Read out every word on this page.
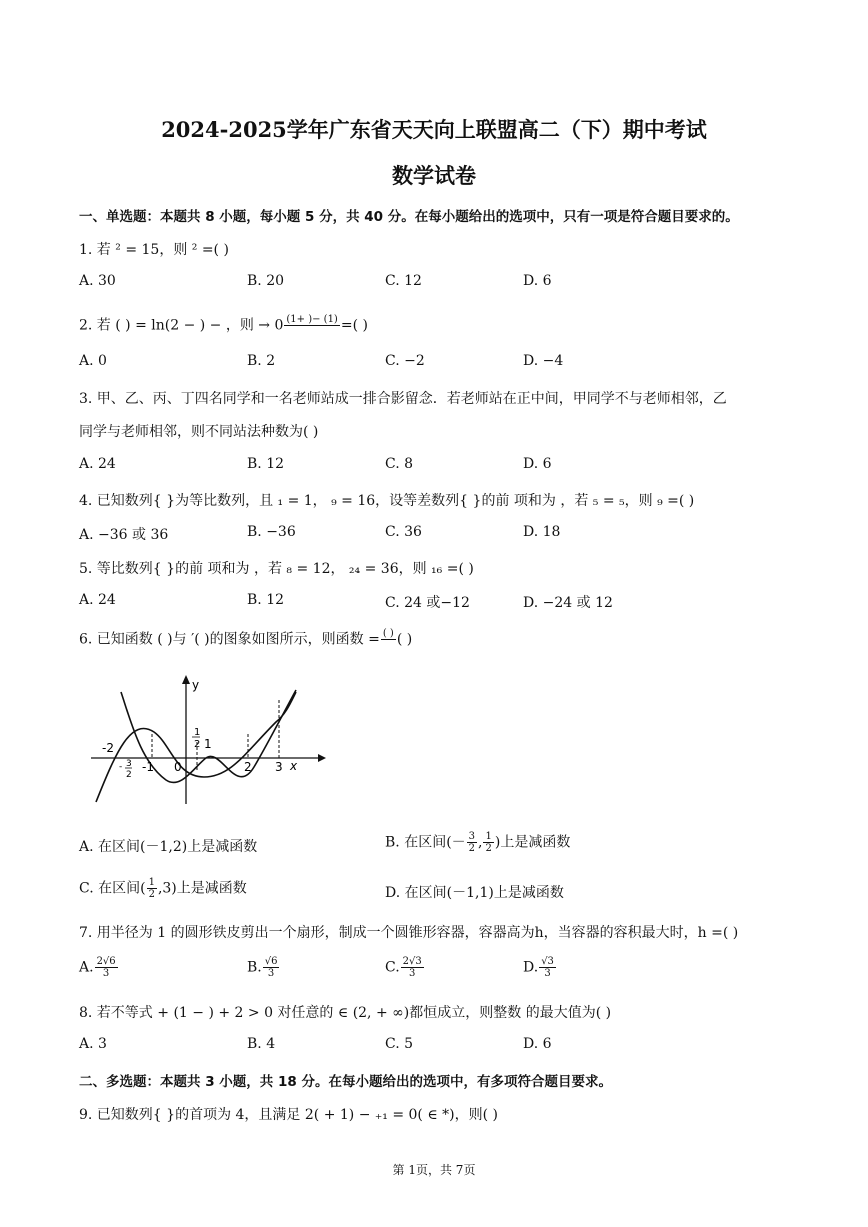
2024-2025学年广东省天天向上联盟高二（下）期中考试
数学试卷
一、单选题：本题共 8 小题，每小题 5 分，共 40 分。在每小题给出的选项中，只有一项是符合题目要求的。
1. 若 ² = 15，则 ² =( )
A. 30	B. 20	C. 12	D. 6
2. 若 ( ) = ln(2 − ) − ，则 → 0 (1+ )− (1)
=( )
A. 0	B. 2	C. −2	D. −4
3. 甲、乙、丙、丁四名同学和一名老师站成一排合影留念．若老师站在正中间，甲同学不与老师相邻，乙
同学与老师相邻，则不同站法种数为( )
A. 24	B. 12	C. 8	D. 6
4. 已知数列{ }为等比数列，且 ₁ = 1， ₉ = 16，设等差数列{ }的前 项和为 ，若 ₅ = ₅，则 ₉ =( )
A. −36 或 36	B. −36	C. 36	D. 18
5. 等比数列{ }的前 项和为 ，若 ₈ = 12， ₂₄ = 36，则 ₁₆ =( )
A. 24	B. 12	C. 24 或−12	D. −24 或 12
6. 已知函数 ( )与 ′( )的图象如图所示，则函数 = ( )
( )
y
x
-2
-1 0	2 3
1
- 3
2
1
2
A. 在区间(－1,2)上是减函数	B. 在区间(－ $\frac{3}{2}$ , $\frac{1}{2}$ )上是减函数
C. 在区间( $\frac{1}{2} ,3$)上是减函数	D. 在区间(－1,1)上是减函数
7. 用半径为 1 的圆形铁皮剪出一个扇形，制成一个圆锥形容器，容器高为h，当容器的容积最大时，h =( )
A. $\frac{2√6}{3}$	B. $\frac{√6}{3}$	C. $\frac{2√3}{3}$	D. $\frac{√3}{3}$
8. 若不等式 + (1 − ) + 2 > 0 对任意的 ∈ (2, + ∞)都恒成立，则整数 的最大值为( )
A. 3	B. 4	C. 5	D. 6
二、多选题：本题共 3 小题，共 18 分。在每小题给出的选项中，有多项符合题目要求。
9. 已知数列{ }的首项为 4，且满足 2( + 1) − ₊₁ = 0( ∈ *)，则( )
第 1页，共 7页
